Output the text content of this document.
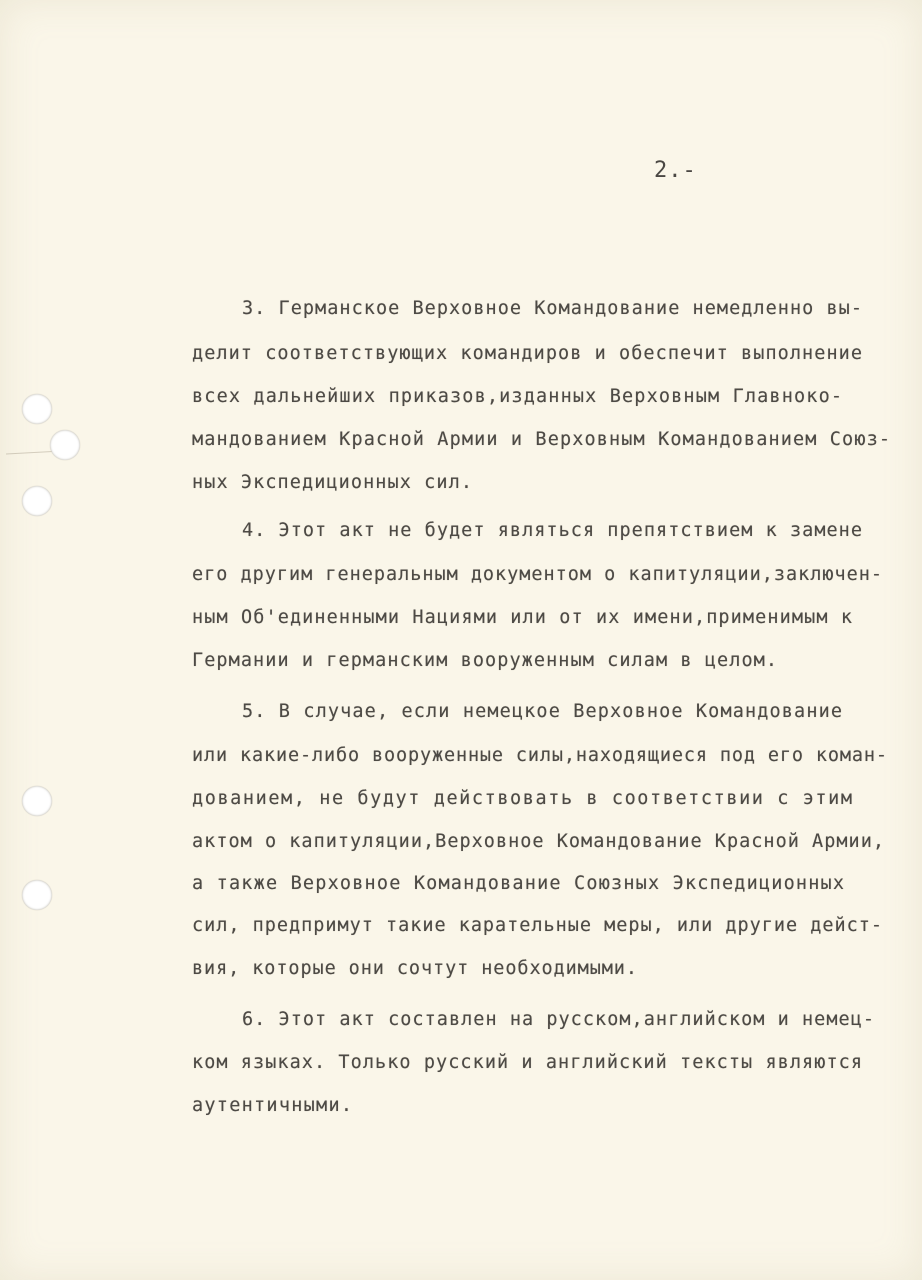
2.-
3. Германское Верховное Командование немедленно вы-
делит соответствующих командиров и обеспечит выполнение
всех дальнейших приказов,изданных Верховным Главноко-
мандованием Красной Армии и Верховным Командованием Союз-
ных Экспедиционных сил.
4. Этот акт не будет являться препятствием к замене
его другим генеральным документом о капитуляции,заключен-
ным Об'единенными Нациями или от их имени,применимым к
Германии и германским вооруженным силам в целом.
5. В случае, если немецкое Верховное Командование
или какие-либо вооруженные силы,находящиеся под его коман-
дованием, не будут действовать в соответствии с этим
актом о капитуляции,Верховное Командование Красной Армии,
а также Верховное Командование Союзных Экспедиционных
сил, предпримут такие карательные меры, или другие дейст-
вия, которые они сочтут необходимыми.
6. Этот акт составлен на русском,английском и немец-
ком языках. Только русский и английский тексты являются
аутентичными.
